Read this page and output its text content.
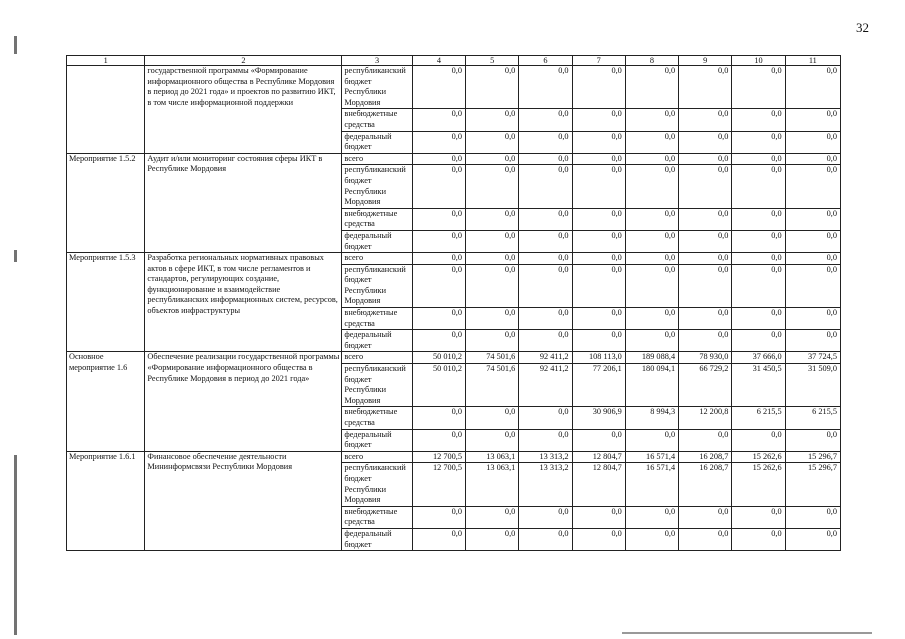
32
1	2	3	4	5	6	7	8	9	10	11
	государственной программы «Формирование информационного общества в Республике Мордовия в период до 2021 года» и проектов по развитию ИКТ, в том числе информационной поддержки	республиканский бюджет Республики Мордовия	0,0	0,0	0,0	0,0	0,0	0,0	0,0	0,0
		внебюджетные средства	0,0	0,0	0,0	0,0	0,0	0,0	0,0	0,0
		федеральный бюджет	0,0	0,0	0,0	0,0	0,0	0,0	0,0	0,0
Мероприятие 1.5.2	Аудит и/или мониторинг состояния сферы ИКТ в Республике Мордовия	всего	0,0	0,0	0,0	0,0	0,0	0,0	0,0	0,0
		республиканский бюджет Республики Мордовия	0,0	0,0	0,0	0,0	0,0	0,0	0,0	0,0
		внебюджетные средства	0,0	0,0	0,0	0,0	0,0	0,0	0,0	0,0
		федеральный бюджет	0,0	0,0	0,0	0,0	0,0	0,0	0,0	0,0
Мероприятие 1.5.3	Разработка региональных нормативных правовых актов в сфере ИКТ, в том числе регламентов и стандартов, регулирующих создание, функционирование и взаимодействие республиканских информационных систем, ресурсов, объектов инфраструктуры	всего	0,0	0,0	0,0	0,0	0,0	0,0	0,0	0,0
		республиканский бюджет Республики Мордовия	0,0	0,0	0,0	0,0	0,0	0,0	0,0	0,0
		внебюджетные средства	0,0	0,0	0,0	0,0	0,0	0,0	0,0	0,0
		федеральный бюджет	0,0	0,0	0,0	0,0	0,0	0,0	0,0	0,0
Основное мероприятие 1.6	Обеспечение реализации государственной программы «Формирование информационного общества в Республике Мордовия в период до 2021 года»	всего	50 010,2	74 501,6	92 411,2	108 113,0	189 088,4	78 930,0	37 666,0	37 724,5
		республиканский бюджет Республики Мордовия	50 010,2	74 501,6	92 411,2	77 206,1	180 094,1	66 729,2	31 450,5	31 509,0
		внебюджетные средства	0,0	0,0	0,0	30 906,9	8 994,3	12 200,8	6 215,5	6 215,5
		федеральный бюджет	0,0	0,0	0,0	0,0	0,0	0,0	0,0	0,0
Мероприятие 1.6.1	Финансовое обеспечение деятельности Мининформсвязи Республики Мордовия	всего	12 700,5	13 063,1	13 313,2	12 804,7	16 571,4	16 208,7	15 262,6	15 296,7
		республиканский бюджет Республики Мордовия	12 700,5	13 063,1	13 313,2	12 804,7	16 571,4	16 208,7	15 262,6	15 296,7
		внебюджетные средства	0,0	0,0	0,0	0,0	0,0	0,0	0,0	0,0
		федеральный бюджет	0,0	0,0	0,0	0,0	0,0	0,0	0,0	0,0
